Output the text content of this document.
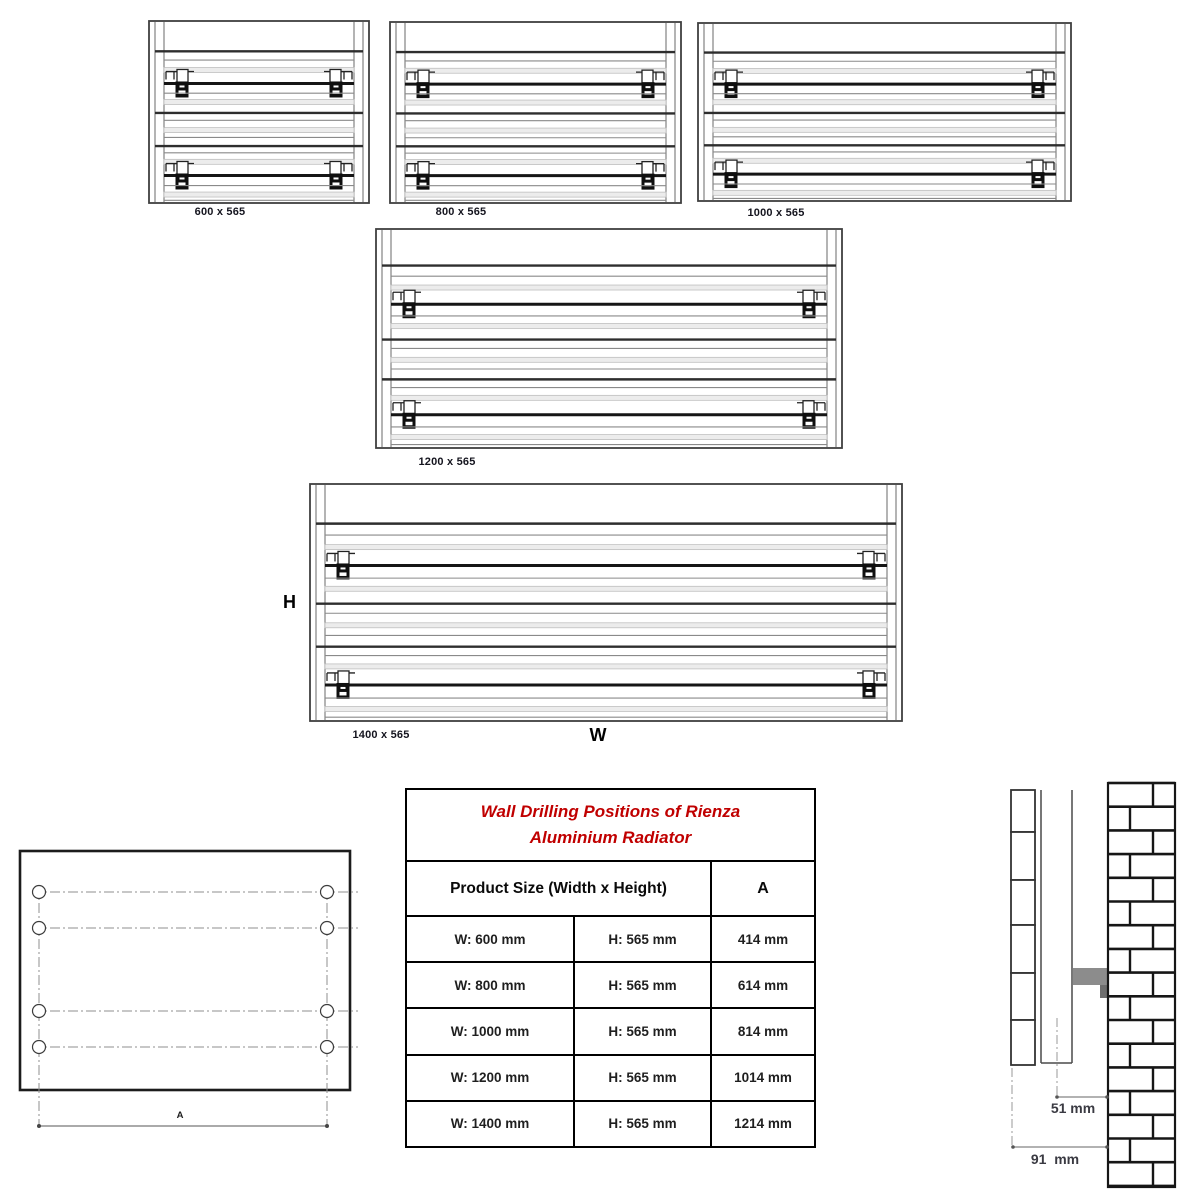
600 x 565	800 x 565	1000 x 565
1200 x 565
1400 x 565
H
W
A
Wall Drilling Positions of Rienza
Aluminium Radiator
Product Size (Width x Height)	A
W: 600 mm	H: 565 mm	414 mm
W: 800 mm	H: 565 mm	614 mm
W: 1000 mm	H: 565 mm	814 mm
W: 1200 mm	H: 565 mm	1014 mm
W: 1400 mm	H: 565 mm	1214 mm
51 mm
91  mm
